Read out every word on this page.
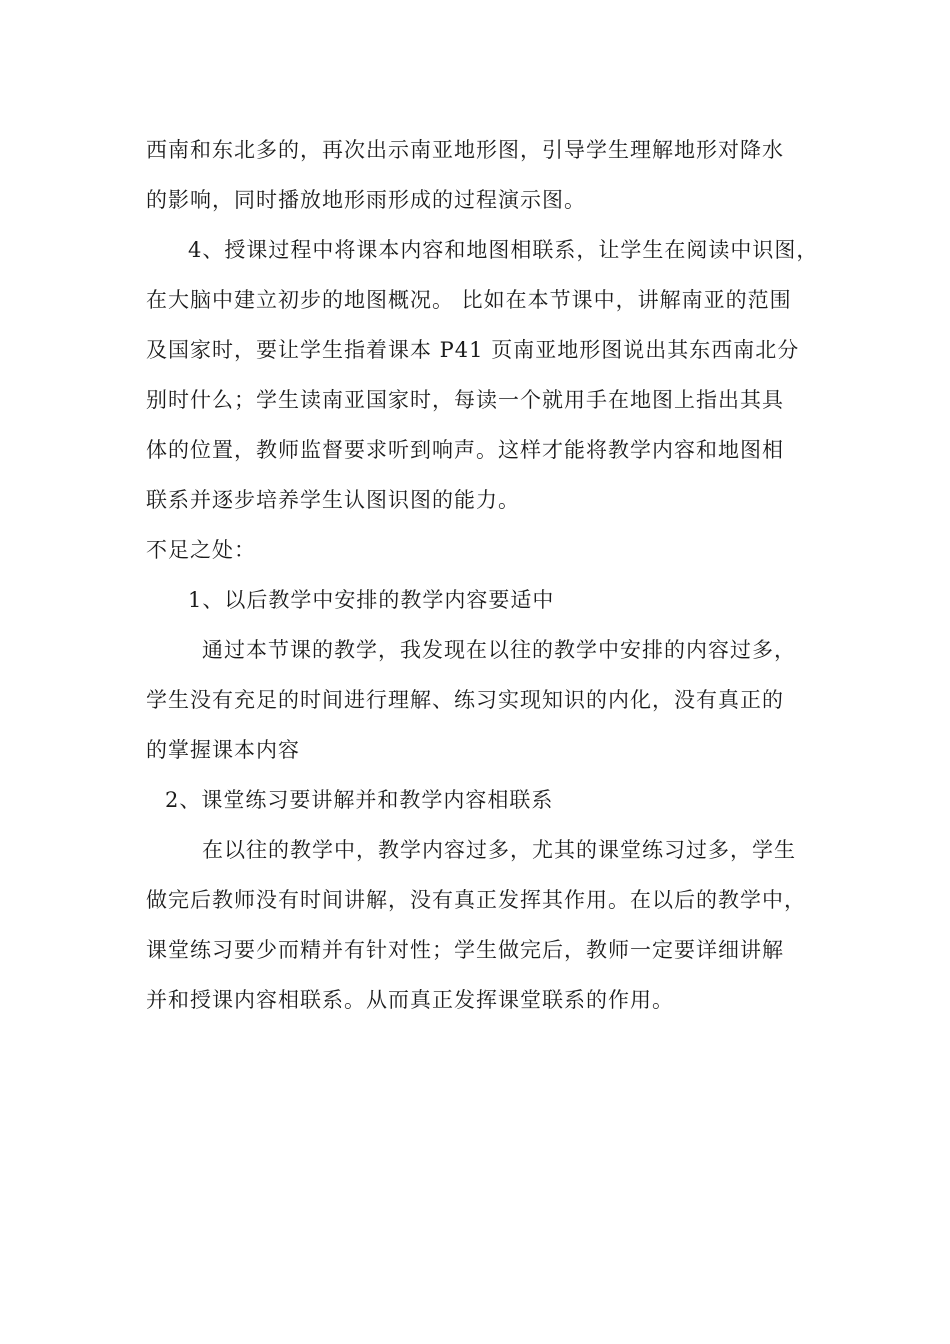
西南和东北多的，再次出示南亚地形图，引导学生理解地形对降水
的影响，同时播放地形雨形成的过程演示图。
4、授课过程中将课本内容和地图相联系，让学生在阅读中识图，
在大脑中建立初步的地图概况。 比如在本节课中，讲解南亚的范围
及国家时，要让学生指着课本 P41 页南亚地形图说出其东西南北分
别时什么；学生读南亚国家时，每读一个就用手在地图上指出其具
体的位置，教师监督要求听到响声。这样才能将教学内容和地图相
联系并逐步培养学生认图识图的能力。
不足之处：
1、以后教学中安排的教学内容要适中
通过本节课的教学，我发现在以往的教学中安排的内容过多，
学生没有充足的时间进行理解、练习实现知识的内化，没有真正的
的掌握课本内容
2、课堂练习要讲解并和教学内容相联系
在以往的教学中，教学内容过多，尤其的课堂练习过多，学生
做完后教师没有时间讲解，没有真正发挥其作用。在以后的教学中，
课堂练习要少而精并有针对性；学生做完后，教师一定要详细讲解
并和授课内容相联系。从而真正发挥课堂联系的作用。
